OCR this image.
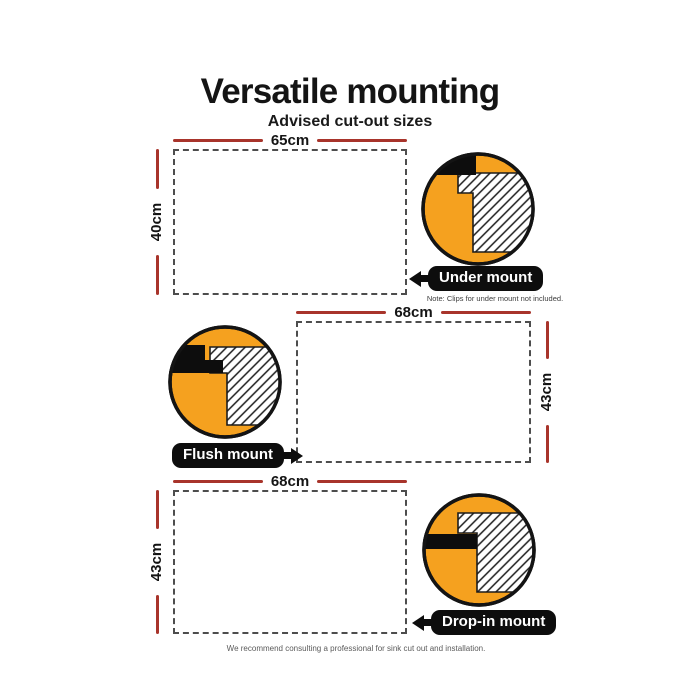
Versatile mounting
Advised cut-out sizes
65cm
40cm
Under mount
Note: Clips for under mount not included.
68cm
43cm
Flush mount
68cm
43cm
Drop-in mount
We recommend consulting a professional for sink cut out and installation.
